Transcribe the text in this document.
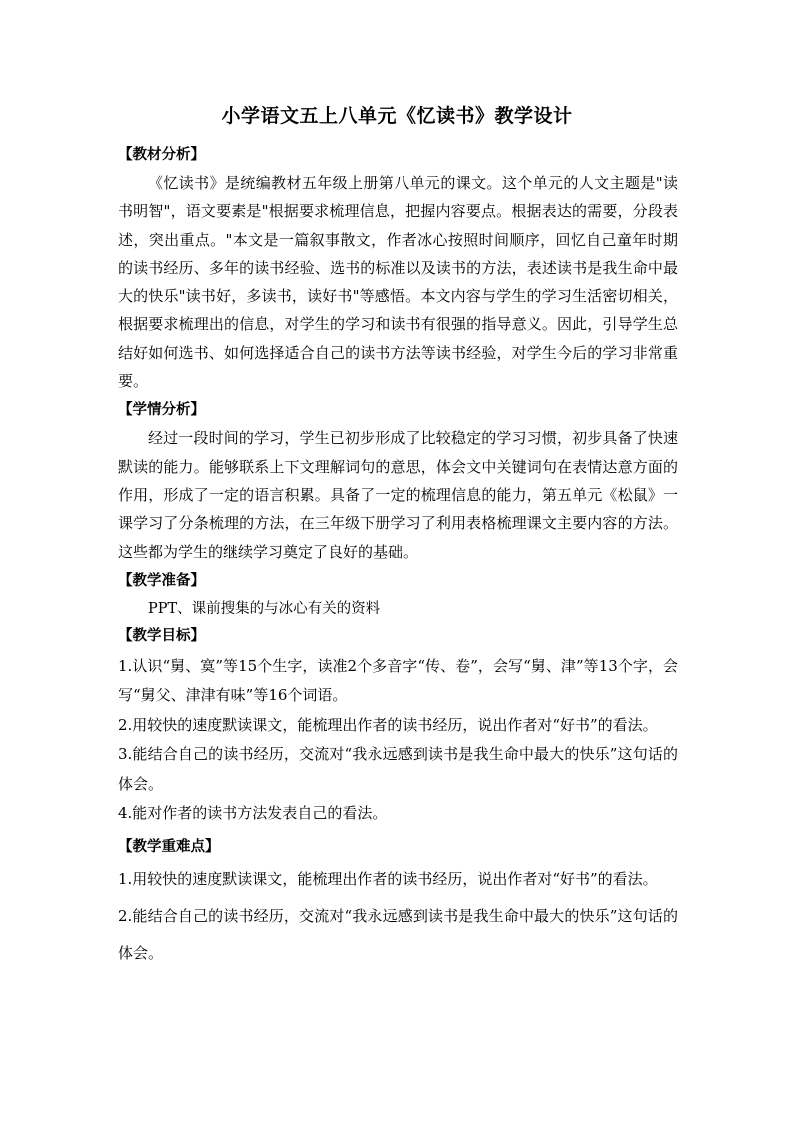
小学语文五上八单元《忆读书》教学设计
【教材分析】

《忆读书》是统编教材五年级上册第八单元的课文。这个单元的人文主题是"读书明智"，语文要素是"根据要求梳理信息，把握内容要点。根据表达的需要，分段表述，突出重点。"本文是一篇叙事散文，作者冰心按照时间顺序，回忆自己童年时期的读书经历、多年的读书经验、选书的标准以及读书的方法，表述读书是我生命中最大的快乐"读书好，多读书，读好书"等感悟。本文内容与学生的学习生活密切相关，根据要求梳理出的信息，对学生的学习和读书有很强的指导意义。因此，引导学生总结好如何选书、如何选择适合自己的读书方法等读书经验，对学生今后的学习非常重要。

【学情分析】

经过一段时间的学习，学生已初步形成了比较稳定的学习习惯，初步具备了快速默读的能力。能够联系上下文理解词句的意思，体会文中关键词句在表情达意方面的作用，形成了一定的语言积累。具备了一定的梳理信息的能力，第五单元《松鼠》一课学习了分条梳理的方法，在三年级下册学习了利用表格梳理课文主要内容的方法。这些都为学生的继续学习奠定了良好的基础。

【教学准备】

PPT、课前搜集的与冰心有关的资料

【教学目标】

1.认识“舅、寞”等15个生字，读准2个多音字“传、卷”，会写“舅、津”等13个字，会写“舅父、津津有味”等16个词语。

2.用较快的速度默读课文，能梳理出作者的读书经历，说出作者对“好书”的看法。

3.能结合自己的读书经历，交流对“我永远感到读书是我生命中最大的快乐”这句话的体会。

4.能对作者的读书方法发表自己的看法。

【教学重难点】

1.用较快的速度默读课文，能梳理出作者的读书经历，说出作者对“好书”的看法。

2.能结合自己的读书经历，交流对“我永远感到读书是我生命中最大的快乐”这句话的体会。
